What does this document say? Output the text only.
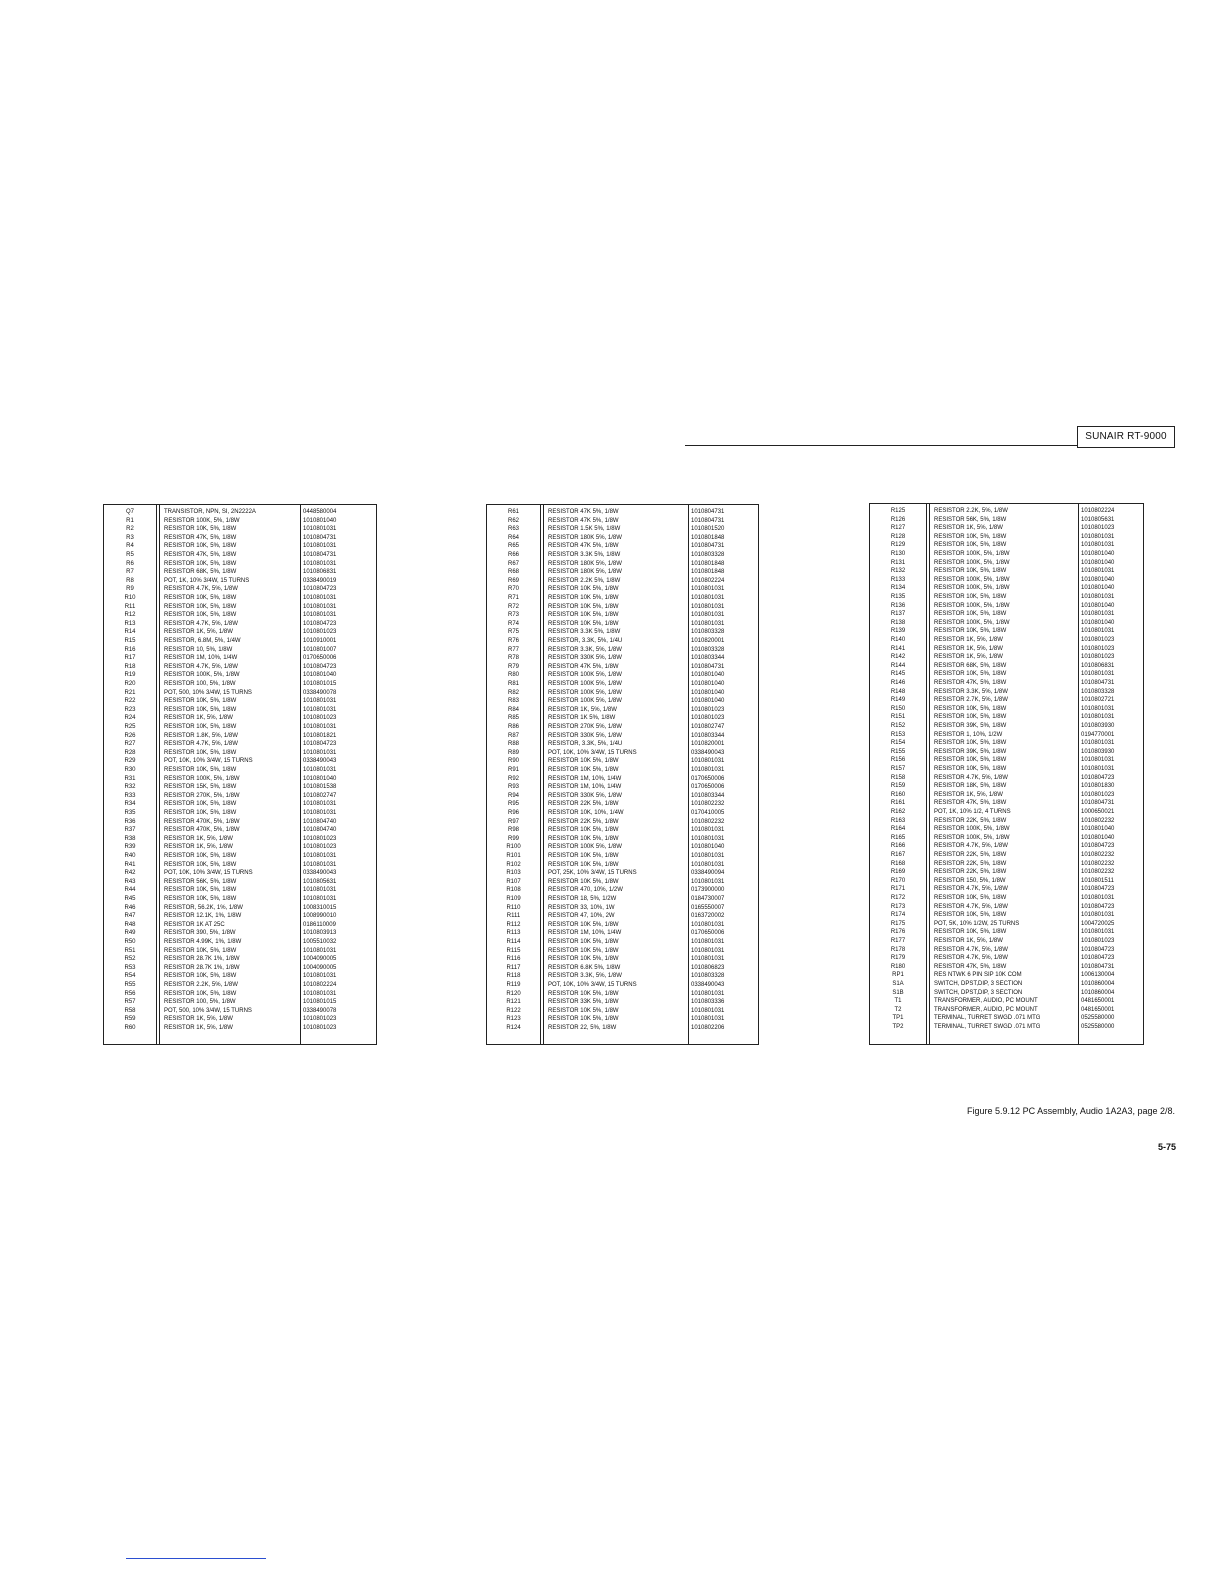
SUNAIR RT-9000
Q7	TRANSISTOR, NPN, SI, 2N2222A	0448580004
R1	RESISTOR 100K, 5%, 1/8W	1010801040
R2	RESISTOR 10K, 5%, 1/8W	1010801031
R3	RESISTOR 47K, 5%, 1/8W	1010804731
R4	RESISTOR 10K, 5%, 1/8W	1010801031
R5	RESISTOR 47K, 5%, 1/8W	1010804731
R6	RESISTOR 10K, 5%, 1/8W	1010801031
R7	RESISTOR 68K, 5%, 1/8W	1010806831
R8	POT, 1K, 10% 3/4W, 15 TURNS	0338490019
R9	RESISTOR 4.7K, 5%, 1/8W	1010804723
R10	RESISTOR 10K, 5%, 1/8W	1010801031
R11	RESISTOR 10K, 5%, 1/8W	1010801031
R12	RESISTOR 10K, 5%, 1/8W	1010801031
R13	RESISTOR 4.7K, 5%, 1/8W	1010804723
R14	RESISTOR 1K, 5%, 1/8W	1010801023
R15	RESISTOR, 6.8M, 5%, 1/4W	1010910001
R16	RESISTOR 10, 5%, 1/8W	1010801007
R17	RESISTOR 1M, 10%, 1/4W	0170650006
R18	RESISTOR 4.7K, 5%, 1/8W	1010804723
R19	RESISTOR 100K, 5%, 1/8W	1010801040
R20	RESISTOR 100, 5%, 1/8W	1010801015
R21	POT, 500, 10% 3/4W, 15 TURNS	0338490078
R22	RESISTOR 10K, 5%, 1/8W	1010801031
R23	RESISTOR 10K, 5%, 1/8W	1010801031
R24	RESISTOR 1K, 5%, 1/8W	1010801023
R25	RESISTOR 10K, 5%, 1/8W	1010801031
R26	RESISTOR 1.8K, 5%, 1/8W	1010801821
R27	RESISTOR 4.7K, 5%, 1/8W	1010804723
R28	RESISTOR 10K, 5%, 1/8W	1010801031
R29	POT, 10K, 10% 3/4W, 15 TURNS	0338490043
R30	RESISTOR 10K, 5%, 1/8W	1010801031
R31	RESISTOR 100K, 5%, 1/8W	1010801040
R32	RESISTOR 15K, 5%, 1/8W	1010801538
R33	RESISTOR 270K, 5%, 1/8W	1010802747
R34	RESISTOR 10K, 5%, 1/8W	1010801031
R35	RESISTOR 10K, 5%, 1/8W	1010801031
R36	RESISTOR 470K, 5%, 1/8W	1010804740
R37	RESISTOR 470K, 5%, 1/8W	1010804740
R38	RESISTOR 1K, 5%, 1/8W	1010801023
R39	RESISTOR 1K, 5%, 1/8W	1010801023
R40	RESISTOR 10K, 5%, 1/8W	1010801031
R41	RESISTOR 10K, 5%, 1/8W	1010801031
R42	POT, 10K, 10% 3/4W, 15 TURNS	0338490043
R43	RESISTOR 56K, 5%, 1/8W	1010805631
R44	RESISTOR 10K, 5%, 1/8W	1010801031
R45	RESISTOR 10K, 5%, 1/8W	1010801031
R46	RESISTOR, 56.2K, 1%, 1/8W	1008310015
R47	RESISTOR 12.1K, 1%, 1/8W	1008990010
R48	RESISTOR 1K AT 25C	0186110009
R49	RESISTOR 390, 5%, 1/8W	1010803913
R50	RESISTOR 4.99K, 1%, 1/8W	1005510032
R51	RESISTOR 10K, 5%, 1/8W	1010801031
R52	RESISTOR 28.7K 1%, 1/8W	1004090005
R53	RESISTOR 28.7K 1%, 1/8W	1004090005
R54	RESISTOR 10K, 5%, 1/8W	1010801031
R55	RESISTOR 2.2K, 5%, 1/8W	1010802224
R56	RESISTOR 10K, 5%, 1/8W	1010801031
R57	RESISTOR 100, 5%, 1/8W	1010801015
R58	POT, 500, 10% 3/4W, 15 TURNS	0338490078
R59	RESISTOR 1K, 5%, 1/8W	1010801023
R60	RESISTOR 1K, 5%, 1/8W	1010801023
R61	RESISTOR 47K 5%, 1/8W	1010804731
R62	RESISTOR 47K 5%, 1/8W	1010804731
R63	RESISTOR 1.5K 5%, 1/8W	1010801520
R64	RESISTOR 180K 5%, 1/8W	1010801848
R65	RESISTOR 47K 5%, 1/8W	1010804731
R66	RESISTOR 3.3K 5%, 1/8W	1010803328
R67	RESISTOR 180K 5%, 1/8W	1010801848
R68	RESISTOR 180K 5%, 1/8W	1010801848
R69	RESISTOR 2.2K 5%, 1/8W	1010802224
R70	RESISTOR 10K 5%, 1/8W	1010801031
R71	RESISTOR 10K 5%, 1/8W	1010801031
R72	RESISTOR 10K 5%, 1/8W	1010801031
R73	RESISTOR 10K 5%, 1/8W	1010801031
R74	RESISTOR 10K 5%, 1/8W	1010801031
R75	RESISTOR 3.3K 5%, 1/8W	1010803328
R76	RESISTOR, 3.3K, 5%, 1/4U	1010820001
R77	RESISTOR 3.3K, 5%, 1/8W	1010803328
R78	RESISTOR 330K 5%, 1/8W	1010803344
R79	RESISTOR 47K 5%, 1/8W	1010804731
R80	RESISTOR 100K 5%, 1/8W	1010801040
R81	RESISTOR 100K 5%, 1/8W	1010801040
R82	RESISTOR 100K 5%, 1/8W	1010801040
R83	RESISTOR 100K 5%, 1/8W	1010801040
R84	RESISTOR 1K, 5%, 1/8W	1010801023
R85	RESISTOR 1K 5%, 1/8W	1010801023
R86	RESISTOR 270K 5%, 1/8W	1010802747
R87	RESISTOR 330K 5%, 1/8W	1010803344
R88	RESISTOR, 3.3K, 5%, 1/4U	1010820001
R89	POT, 10K, 10% 3/4W, 15 TURNS	0338490043
R90	RESISTOR 10K 5%, 1/8W	1010801031
R91	RESISTOR 10K 5%, 1/8W	1010801031
R92	RESISTOR 1M, 10%, 1/4W	0170650006
R93	RESISTOR 1M, 10%, 1/4W	0170650006
R94	RESISTOR 330K 5%, 1/8W	1010803344
R95	RESISTOR 22K 5%, 1/8W	1010802232
R96	RESISTOR 10K, 10%, 1/4W	0170410005
R97	RESISTOR 22K 5%, 1/8W	1010802232
R98	RESISTOR 10K 5%, 1/8W	1010801031
R99	RESISTOR 10K 5%, 1/8W	1010801031
R100	RESISTOR 100K 5%, 1/8W	1010801040
R101	RESISTOR 10K 5%, 1/8W	1010801031
R102	RESISTOR 10K 5%, 1/8W	1010801031
R103	POT, 25K, 10% 3/4W, 15 TURNS	0338490094
R107	RESISTOR 10K 5%, 1/8W	1010801031
R108	RESISTOR 470, 10%, 1/2W	0173900000
R109	RESISTOR 18, 5%, 1/2W	0184730007
R110	RESISTOR 33, 10%, 1W	0165550007
R111	RESISTOR 47, 10%, 2W	0163720002
R112	RESISTOR 10K 5%, 1/8W	1010801031
R113	RESISTOR 1M, 10%, 1/4W	0170650006
R114	RESISTOR 10K 5%, 1/8W	1010801031
R115	RESISTOR 10K 5%, 1/8W	1010801031
R116	RESISTOR 10K 5%, 1/8W	1010801031
R117	RESISTOR 6.8K 5%, 1/8W	1010806823
R118	RESISTOR 3.3K, 5%, 1/8W	1010803328
R119	POT, 10K, 10% 3/4W, 15 TURNS	0338490043
R120	RESISTOR 10K 5%, 1/8W	1010801031
R121	RESISTOR 33K 5%, 1/8W	1010803336
R122	RESISTOR 10K 5%, 1/8W	1010801031
R123	RESISTOR 10K 5%, 1/8W	1010801031
R124	RESISTOR 22, 5%, 1/8W	1010802206
R125	RESISTOR 2.2K, 5%, 1/8W	1010802224
R126	RESISTOR 56K, 5%, 1/8W	1010805631
R127	RESISTOR 1K, 5%, 1/8W	1010801023
R128	RESISTOR 10K, 5%, 1/8W	1010801031
R129	RESISTOR 10K, 5%, 1/8W	1010801031
R130	RESISTOR 100K, 5%, 1/8W	1010801040
R131	RESISTOR 100K, 5%, 1/8W	1010801040
R132	RESISTOR 10K, 5%, 1/8W	1010801031
R133	RESISTOR 100K, 5%, 1/8W	1010801040
R134	RESISTOR 100K, 5%, 1/8W	1010801040
R135	RESISTOR 10K, 5%, 1/8W	1010801031
R136	RESISTOR 100K, 5%, 1/8W	1010801040
R137	RESISTOR 10K, 5%, 1/8W	1010801031
R138	RESISTOR 100K, 5%, 1/8W	1010801040
R139	RESISTOR 10K, 5%, 1/8W	1010801031
R140	RESISTOR 1K, 5%, 1/8W	1010801023
R141	RESISTOR 1K, 5%, 1/8W	1010801023
R142	RESISTOR 1K, 5%, 1/8W	1010801023
R144	RESISTOR 68K, 5%, 1/8W	1010806831
R145	RESISTOR 10K, 5%, 1/8W	1010801031
R146	RESISTOR 47K, 5%, 1/8W	1010804731
R148	RESISTOR 3.3K, 5%, 1/8W	1010803328
R149	RESISTOR 2.7K, 5%, 1/8W	1010802721
R150	RESISTOR 10K, 5%, 1/8W	1010801031
R151	RESISTOR 10K, 5%, 1/8W	1010801031
R152	RESISTOR 39K, 5%, 1/8W	1010803930
R153	RESISTOR 1, 10%, 1/2W	0194770001
R154	RESISTOR 10K, 5%, 1/8W	1010801031
R155	RESISTOR 39K, 5%, 1/8W	1010803930
R156	RESISTOR 10K, 5%, 1/8W	1010801031
R157	RESISTOR 10K, 5%, 1/8W	1010801031
R158	RESISTOR 4.7K, 5%, 1/8W	1010804723
R159	RESISTOR 18K, 5%, 1/8W	1010801830
R160	RESISTOR 1K, 5%, 1/8W	1010801023
R161	RESISTOR 47K, 5%, 1/8W	1010804731
R162	POT, 1K, 10% 1/2, 4 TURNS	1000650021
R163	RESISTOR 22K, 5%, 1/8W	1010802232
R164	RESISTOR 100K, 5%, 1/8W	1010801040
R165	RESISTOR 100K, 5%, 1/8W	1010801040
R166	RESISTOR 4.7K, 5%, 1/8W	1010804723
R167	RESISTOR 22K, 5%, 1/8W	1010802232
R168	RESISTOR 22K, 5%, 1/8W	1010802232
R169	RESISTOR 22K, 5%, 1/8W	1010802232
R170	RESISTOR 150, 5%, 1/8W	1010801511
R171	RESISTOR 4.7K, 5%, 1/8W	1010804723
R172	RESISTOR 10K, 5%, 1/8W	1010801031
R173	RESISTOR 4.7K, 5%, 1/8W	1010804723
R174	RESISTOR 10K, 5%, 1/8W	1010801031
R175	POT, 5K, 10% 1/2W, 25 TURNS	1004720025
R176	RESISTOR 10K, 5%, 1/8W	1010801031
R177	RESISTOR 1K, 5%, 1/8W	1010801023
R178	RESISTOR 4.7K, 5%, 1/8W	1010804723
R179	RESISTOR 4.7K, 5%, 1/8W	1010804723
R180	RESISTOR 47K, 5%, 1/8W	1010804731
RP1	RES NTWK 6 PIN SIP 10K COM	1006130004
S1A	SWITCH, DPST,DIP, 3 SECTION	1010860004
S1B	SWITCH, DPST,DIP, 3 SECTION	1010860004
T1	TRANSFORMER, AUDIO, PC MOUNT	0481650001
T2	TRANSFORMER, AUDIO, PC MOUNT	0481650001
TP1	TERMINAL, TURRET SWGD .071 MTG	0525580000
TP2	TERMINAL, TURRET SWGD .071 MTG	0525580000
Figure 5.9.12 PC Assembly, Audio 1A2A3, page 2/8.
5-75
